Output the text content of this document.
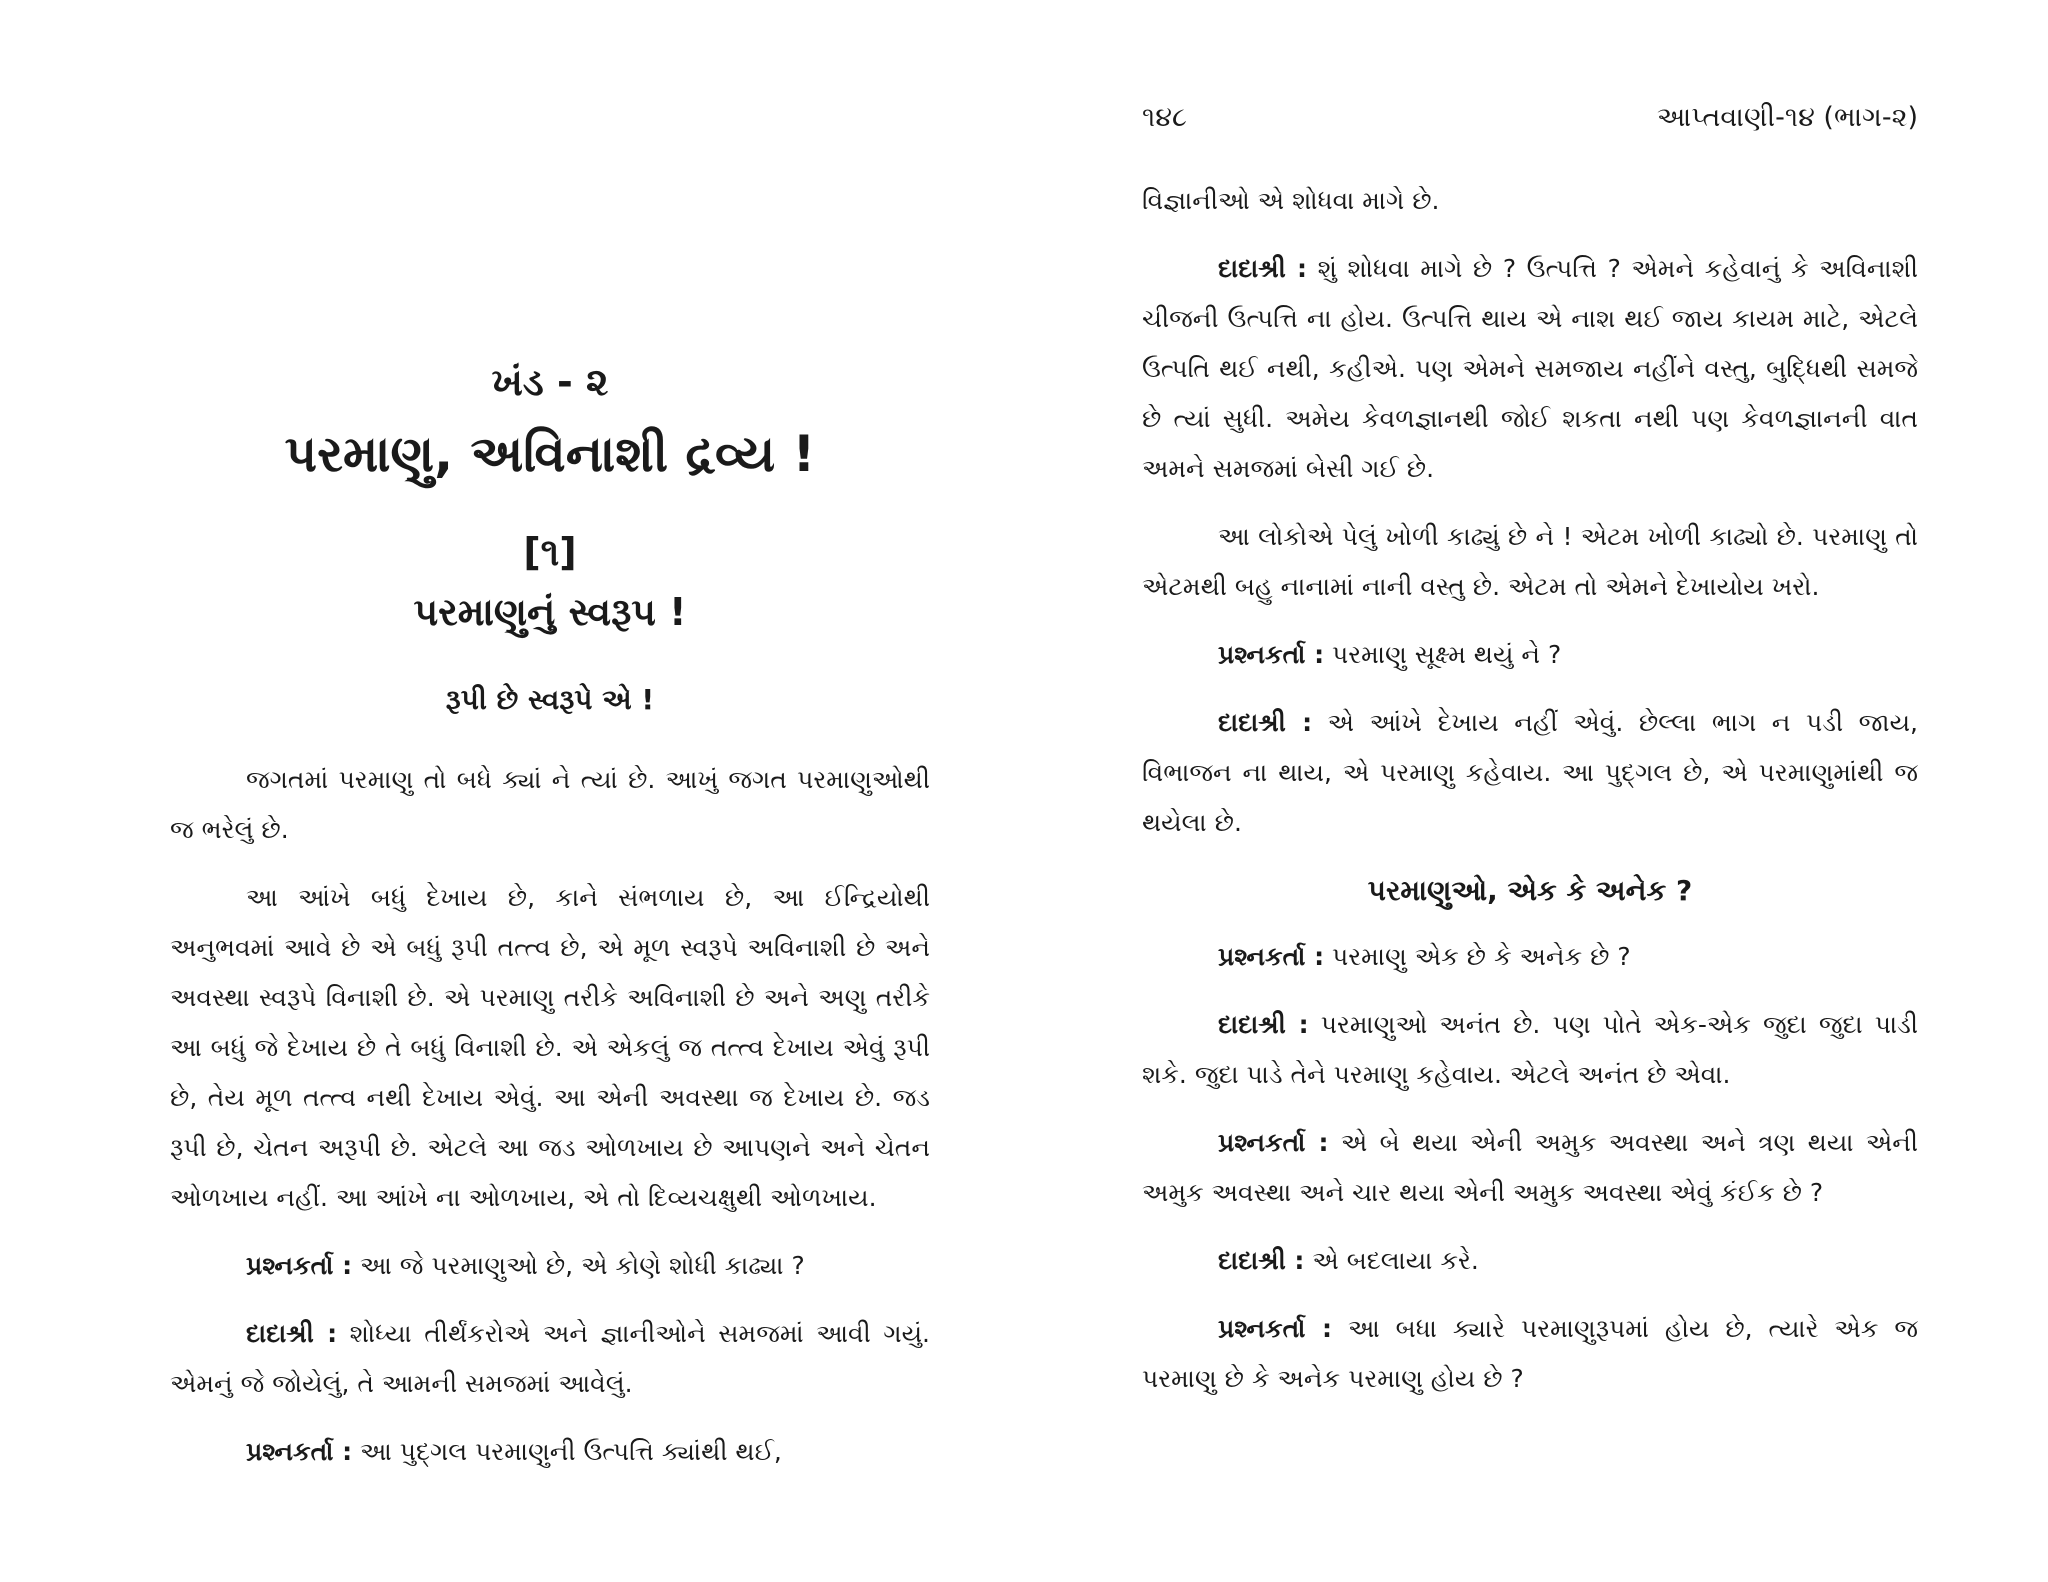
ખંડ - ૨
પરમાણુ, અવિનાશી દ્રવ્ય !
[૧]
પરમાણુનું સ્વરૂપ !
રૂપી છે સ્વરૂપે એ !

જગતમાં પરમાણુ તો બધે ક્યાં ને ત્યાં છે. આખું જગત પરમાણુઓથી જ ભરેલું છે.

આ આંખે બધું દેખાય છે, કાને સંભળાય છે, આ ઈન્દ્રિયોથી અનુભવમાં આવે છે એ બધું રૂપી તત્ત્વ છે, એ મૂળ સ્વરૂપે અવિનાશી છે અને અવસ્થા સ્વરૂપે વિનાશી છે. એ પરમાણુ તરીકે અવિનાશી છે અને અણુ તરીકે આ બધું જે દેખાય છે તે બધું વિનાશી છે. એ એકલું જ તત્ત્વ દેખાય એવું રૂપી છે, તેય મૂળ તત્ત્વ નથી દેખાય એવું. આ એની અવસ્થા જ દેખાય છે. જડ રૂપી છે, ચેતન અરૂપી છે. એટલે આ જડ ઓળખાય છે આપણને અને ચેતન ઓળખાય નહીં. આ આંખે ના ઓળખાય, એ તો દિવ્યચક્ષુથી ઓળખાય.

પ્રશ્નકર્તા : આ જે પરમાણુઓ છે, એ કોણે શોધી કાઢ્યા ?

દાદાશ્રી : શોધ્યા તીર્થંકરોએ અને જ્ઞાનીઓને સમજમાં આવી ગયું. એમનું જે જોયેલું, તે આમની સમજમાં આવેલું.

પ્રશ્નકર્તા : આ પુદ્ગલ પરમાણુની ઉત્પત્તિ ક્યાંથી થઈ,

૧૪૮	આપ્તવાણી-૧૪ (ભાગ-૨)

વિજ્ઞાનીઓ એ શોધવા માગે છે.

દાદાશ્રી : શું શોધવા માગે છે ? ઉત્પત્તિ ? એમને કહેવાનું કે અવિનાશી ચીજની ઉત્પત્તિ ના હોય. ઉત્પત્તિ થાય એ નાશ થઈ જાય કાયમ માટે, એટલે ઉત્પતિ થઈ નથી, કહીએ. પણ એમને સમજાય નહીંને વસ્તુ, બુદ્ધિથી સમજે છે ત્યાં સુધી. અમેય કેવળજ્ઞાનથી જોઈ શકતા નથી પણ કેવળજ્ઞાનની વાત અમને સમજમાં બેસી ગઈ છે.

આ લોકોએ પેલું ખોળી કાઢ્યું છે ને ! એટમ ખોળી કાઢ્યો છે. પરમાણુ તો એટમથી બહુ નાનામાં નાની વસ્તુ છે. એટમ તો એમને દેખાયોય ખરો.

પ્રશ્નકર્તા : પરમાણુ સૂક્ષ્મ થયું ને ?

દાદાશ્રી : એ આંખે દેખાય નહીં એવું. છેલ્લા ભાગ ન પડી જાય, વિભાજન ના થાય, એ પરમાણુ કહેવાય. આ પુદ્ગલ છે, એ પરમાણુમાંથી જ થયેલા છે.

પરમાણુઓ, એક કે અનેક ?

પ્રશ્નકર્તા : પરમાણુ એક છે કે અનેક છે ?

દાદાશ્રી : પરમાણુઓ અનંત છે. પણ પોતે એક-એક જુદા જુદા પાડી શકે. જુદા પાડે તેને પરમાણુ કહેવાય. એટલે અનંત છે એવા.

પ્રશ્નકર્તા : એ બે થયા એની અમુક અવસ્થા અને ત્રણ થયા એની અમુક અવસ્થા અને ચાર થયા એની અમુક અવસ્થા એવું કંઈક છે ?

દાદાશ્રી : એ બદલાયા કરે.

પ્રશ્નકર્તા : આ બધા ક્યારે પરમાણુરૂપમાં હોય છે, ત્યારે એક જ પરમાણુ છે કે અનેક પરમાણુ હોય છે ?
